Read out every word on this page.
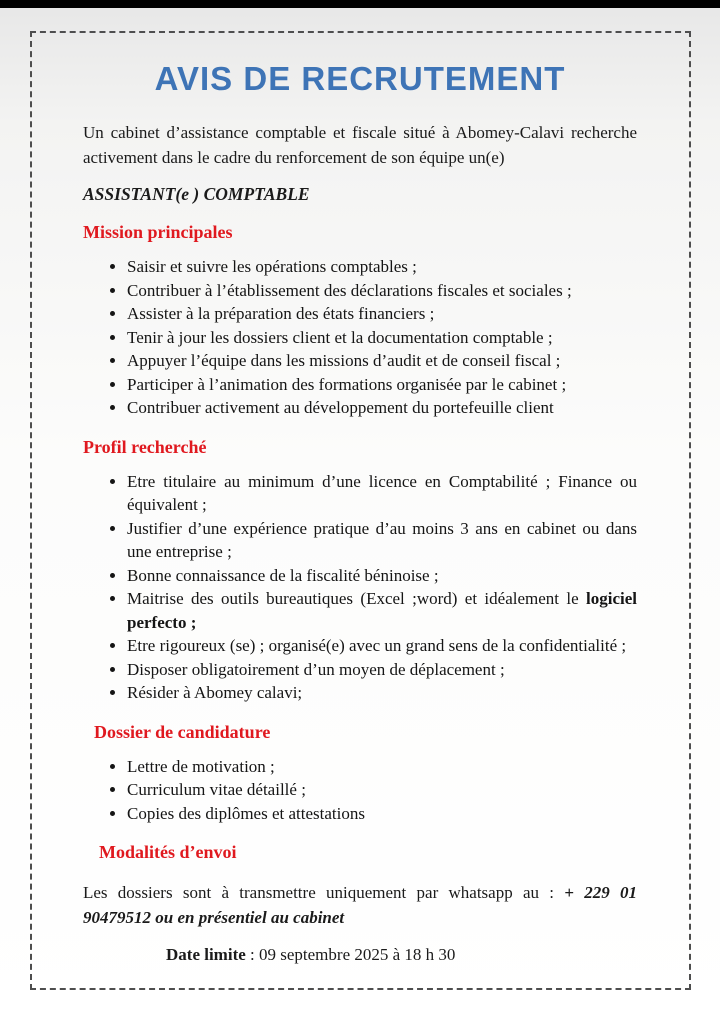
AVIS DE RECRUTEMENT

Un cabinet d’assistance comptable et fiscale situé à Abomey-Calavi recherche activement dans le cadre du renforcement de son équipe un(e)

ASSISTANT(e ) COMPTABLE

Mission principales
• Saisir et suivre les opérations comptables ;
• Contribuer à l’établissement des déclarations fiscales et sociales ;
• Assister à la préparation des états financiers ;
• Tenir à jour les dossiers client et la documentation comptable ;
• Appuyer l’équipe dans les missions d’audit et de conseil fiscal ;
• Participer à l’animation des formations organisée par le cabinet ;
• Contribuer activement au développement du portefeuille client
Profil recherché
• Etre titulaire au minimum d’une licence en Comptabilité ; Finance ou équivalent ;
• Justifier d’une expérience pratique d’au moins 3 ans en cabinet ou dans une entreprise ;
• Bonne connaissance de la fiscalité béninoise ;
• Maitrise des outils bureautiques (Excel ;word) et idéalement le logiciel perfecto ;
• Etre rigoureux (se) ; organisé(e) avec un grand sens de la confidentialité ;
• Disposer obligatoirement d’un moyen de déplacement ;
• Résider à Abomey calavi;
Dossier de candidature
• Lettre de motivation ;
• Curriculum vitae détaillé ;
• Copies des diplômes et attestations
Modalités d’envoi

Les dossiers sont à transmettre uniquement par whatsapp au : + 229 01 90479512 ou en présentiel au cabinet

Date limite : 09 septembre 2025 à 18 h 30
